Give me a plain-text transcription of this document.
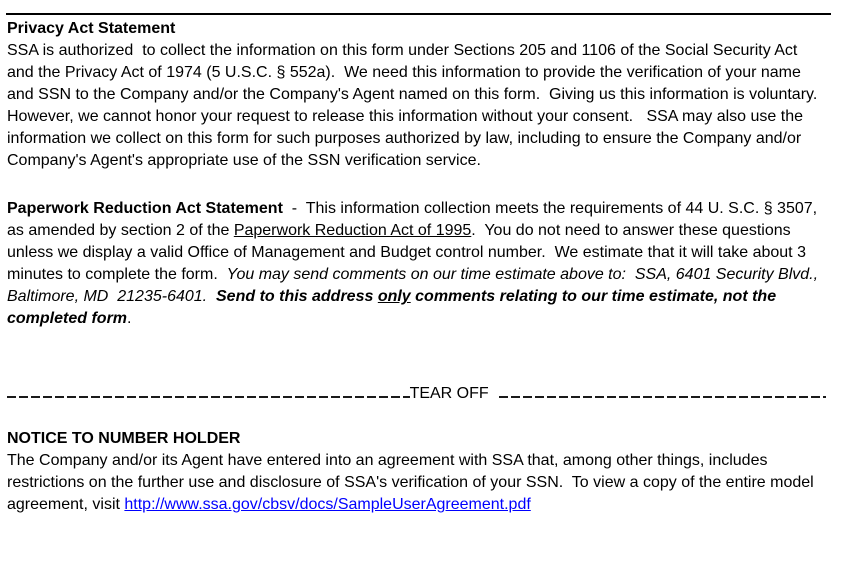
Privacy Act Statement

SSA is authorized  to collect the information on this form under Sections 205 and 1106 of the Social Security Act and the Privacy Act of 1974 (5 U.S.C. § 552a).  We need this information to provide the verification of your name and SSN to the Company and/or the Company's Agent named on this form.  Giving us this information is voluntary.  However, we cannot honor your request to release this information without your consent.   SSA may also use the information we collect on this form for such purposes authorized by law, including to ensure the Company and/or Company's Agent's appropriate use of the SSN verification service.

Paperwork Reduction Act Statement  -  This information collection meets the requirements of 44 U. S.C. § 3507, as amended by section 2 of the Paperwork Reduction Act of 1995.  You do not need to answer these questions unless we display a valid Office of Management and Budget control number.  We estimate that it will take about 3 minutes to complete the form.  You may send comments on our time estimate above to:  SSA, 6401 Security Blvd., Baltimore, MD  21235-6401. Send to this address only comments relating to our time estimate, not the completed form.

TEAR OFF
NOTICE TO NUMBER HOLDER

The Company and/or its Agent have entered into an agreement with SSA that, among other things, includes restrictions on the further use and disclosure of SSA's verification of your SSN.  To view a copy of the entire model agreement, visit http://www.ssa.gov/cbsv/docs/SampleUserAgreement.pdf
